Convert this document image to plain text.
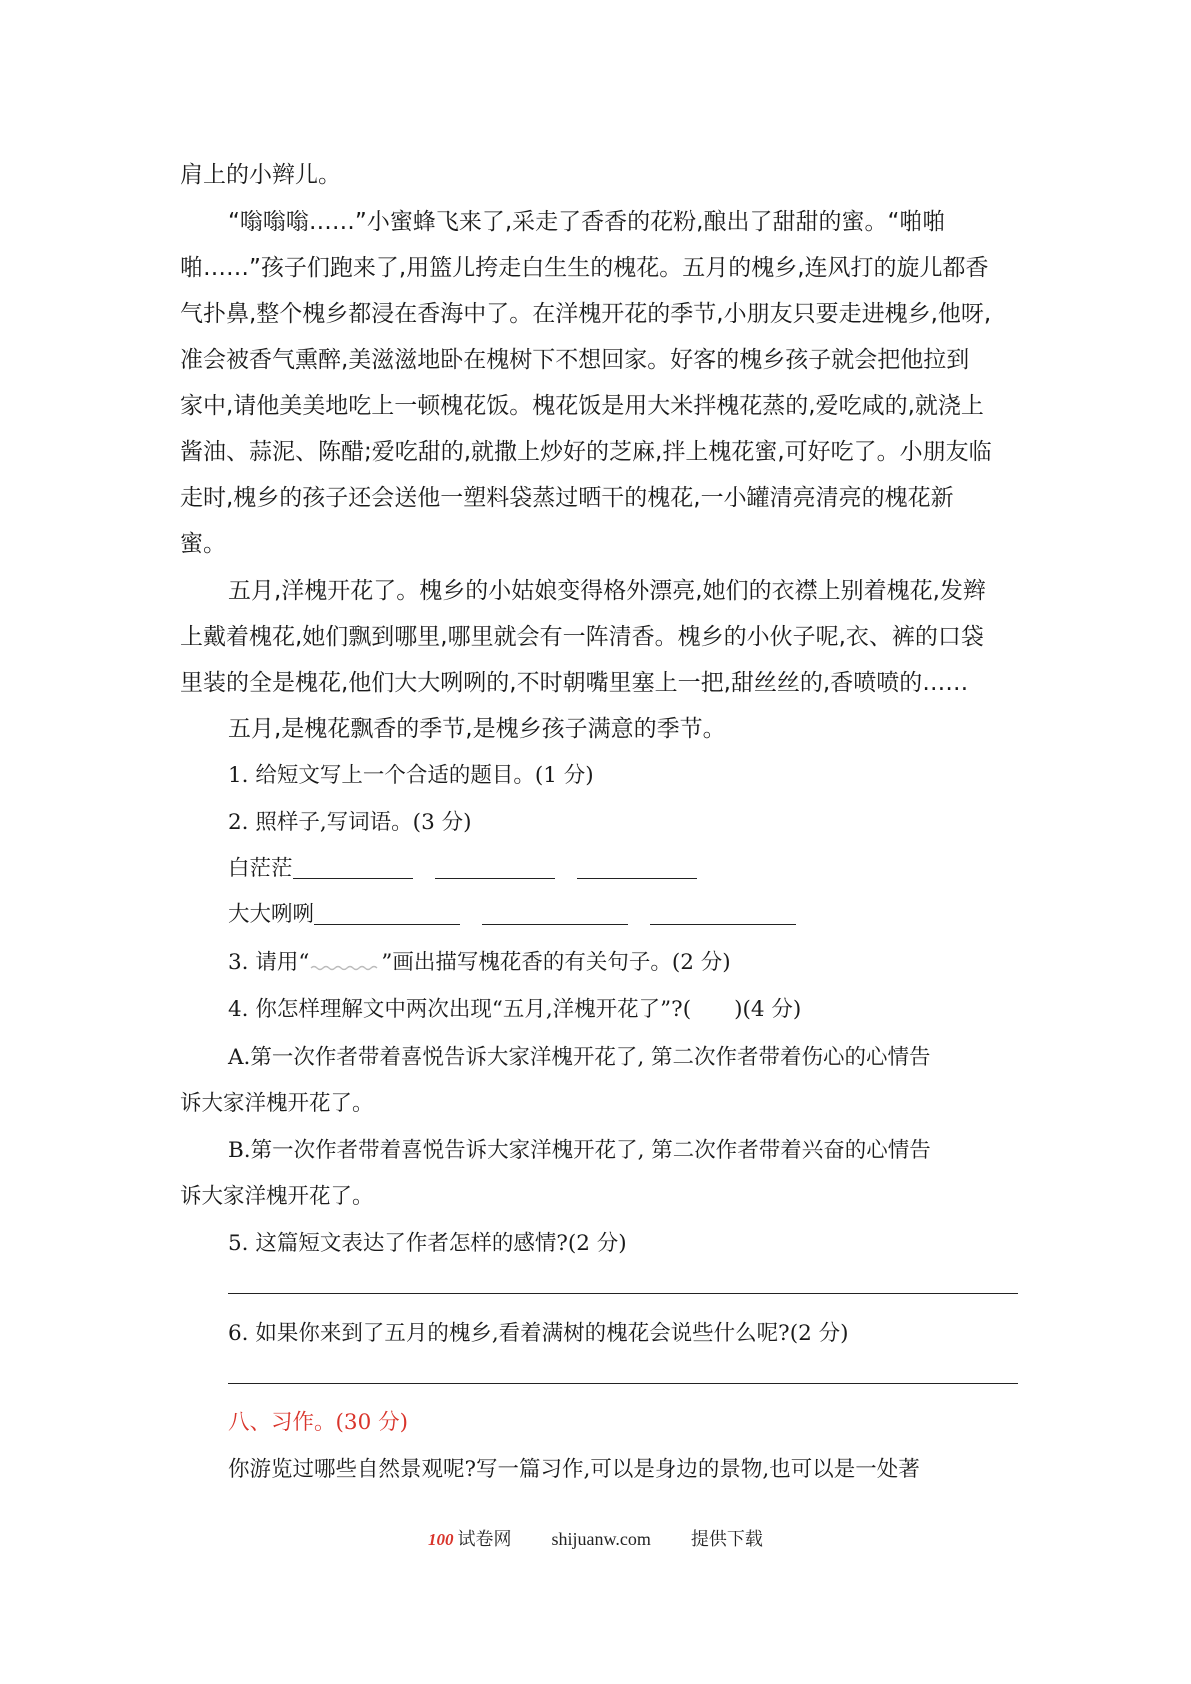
肩上的小辫儿。
“嗡嗡嗡……”小蜜蜂飞来了,采走了香香的花粉,酿出了甜甜的蜜。“啪啪
啪……”孩子们跑来了,用篮儿挎走白生生的槐花。五月的槐乡,连风打的旋儿都香
气扑鼻,整个槐乡都浸在香海中了。在洋槐开花的季节,小朋友只要走进槐乡,他呀,
准会被香气熏醉,美滋滋地卧在槐树下不想回家。好客的槐乡孩子就会把他拉到
家中,请他美美地吃上一顿槐花饭。槐花饭是用大米拌槐花蒸的,爱吃咸的,就浇上
酱油、蒜泥、陈醋;爱吃甜的,就撒上炒好的芝麻,拌上槐花蜜,可好吃了。小朋友临
走时,槐乡的孩子还会送他一塑料袋蒸过晒干的槐花,一小罐清亮清亮的槐花新
蜜。
五月,洋槐开花了。槐乡的小姑娘变得格外漂亮,她们的衣襟上别着槐花,发辫
上戴着槐花,她们飘到哪里,哪里就会有一阵清香。槐乡的小伙子呢,衣、裤的口袋
里装的全是槐花,他们大大咧咧的,不时朝嘴里塞上一把,甜丝丝的,香喷喷的……
五月,是槐花飘香的季节,是槐乡孩子满意的季节。
1. 给短文写上一个合适的题目。(1 分)
2. 照样子,写词语。(3 分)
白茫茫
大大咧咧
3. 请用“	”画出描写槐花香的有关句子。(2 分)
4. 你怎样理解文中两次出现“五月,洋槐开花了”?(　　)(4 分)
A.第一次作者带着喜悦告诉大家洋槐开花了, 第二次作者带着伤心的心情告
诉大家洋槐开花了。
B.第一次作者带着喜悦告诉大家洋槐开花了, 第二次作者带着兴奋的心情告
诉大家洋槐开花了。
5. 这篇短文表达了作者怎样的感情?(2 分)
6. 如果你来到了五月的槐乡,看着满树的槐花会说些什么呢?(2 分)
八、习作。(30 分)
你游览过哪些自然景观呢?写一篇习作,可以是身边的景物,也可以是一处著
100 试卷网 shijuanw.com 提供下载
